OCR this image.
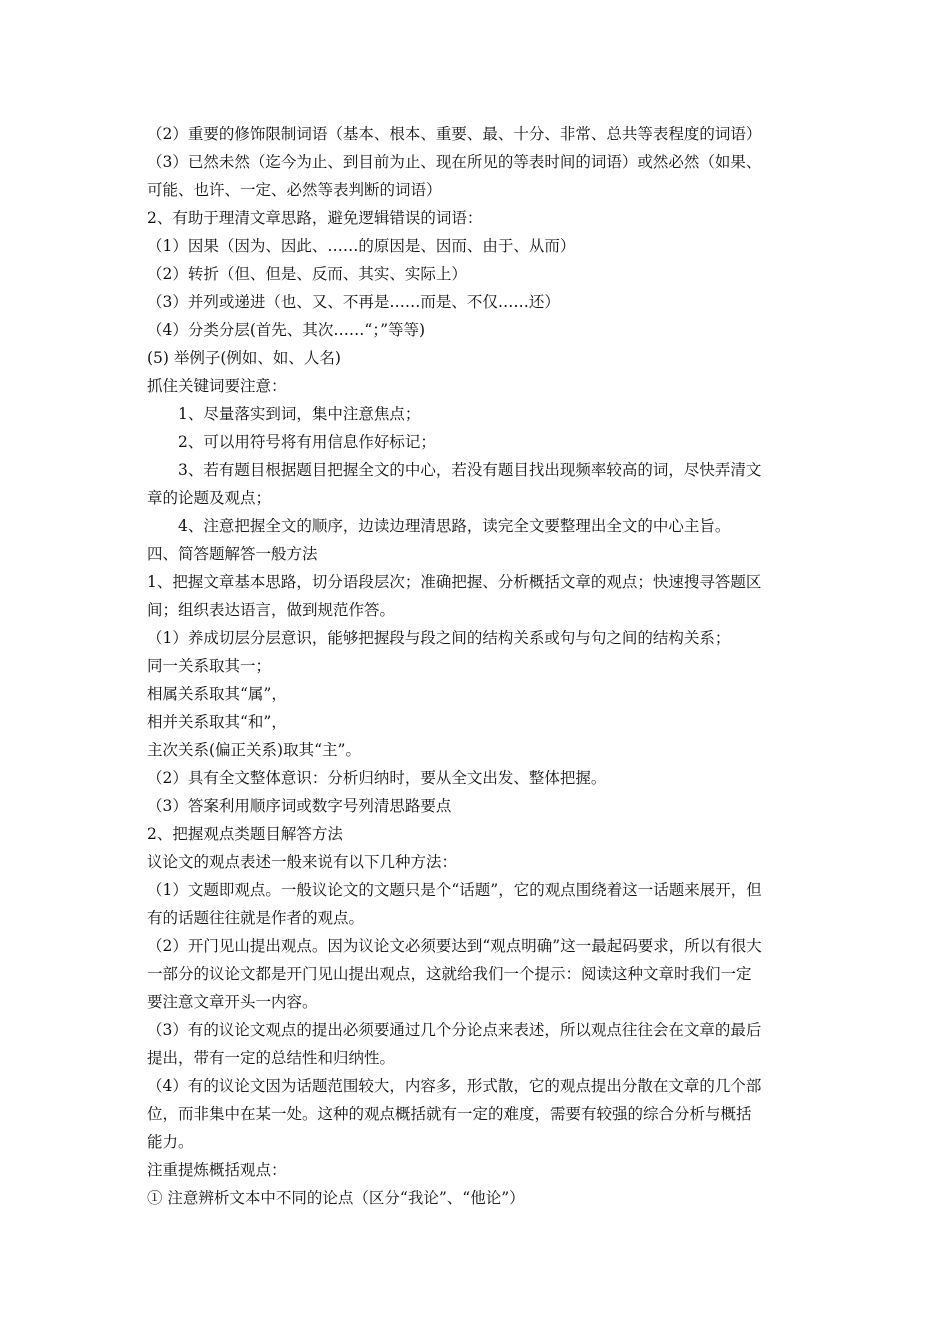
（2）重要的修饰限制词语（基本、根本、重要、最、十分、非常、总共等表程度的词语）

（3）已然未然（迄今为止、到目前为止、现在所见的等表时间的词语）或然必然（如果、

可能、也许、一定、必然等表判断的词语）

2、有助于理清文章思路，避免逻辑错误的词语：

（1）因果（因为、因此、……的原因是、因而、由于、从而）

（2）转折（但、但是、反而、其实、实际上）

（3）并列或递进（也、又、不再是……而是、不仅……还）

（4）分类分层(首先、其次……“；”等等)

(5) 举例子(例如、如、人名)

抓住关键词要注意：

1、尽量落实到词，集中注意焦点；

2、可以用符号将有用信息作好标记；

3、若有题目根据题目把握全文的中心，若没有题目找出现频率较高的词，尽快弄清文

章的论题及观点；

4、注意把握全文的顺序，边读边理清思路，读完全文要整理出全文的中心主旨。

四、简答题解答一般方法

1、把握文章基本思路，切分语段层次；准确把握、分析概括文章的观点；快速搜寻答题区

间；组织表达语言，做到规范作答。

（1）养成切层分层意识，能够把握段与段之间的结构关系或句与句之间的结构关系；

同一关系取其一；

相属关系取其“属”，

相并关系取其“和”，

主次关系(偏正关系)取其“主”。

（2）具有全文整体意识：分析归纳时，要从全文出发、整体把握。

（3）答案利用顺序词或数字号列清思路要点

2、把握观点类题目解答方法

议论文的观点表述一般来说有以下几种方法：

（1）文题即观点。一般议论文的文题只是个“话题”，它的观点围绕着这一话题来展开，但

有的话题往往就是作者的观点。

（2）开门见山提出观点。因为议论文必须要达到“观点明确”这一最起码要求，所以有很大

一部分的议论文都是开门见山提出观点，这就给我们一个提示：阅读这种文章时我们一定

要注意文章开头一内容。

（3）有的议论文观点的提出必须要通过几个分论点来表述，所以观点往往会在文章的最后

提出，带有一定的总结性和归纳性。

（4）有的议论文因为话题范围较大，内容多，形式散，它的观点提出分散在文章的几个部

位，而非集中在某一处。这种的观点概括就有一定的难度，需要有较强的综合分析与概括

能力。

注重提炼概括观点：

① 注意辨析文本中不同的论点（区分“我论”、“他论”）
